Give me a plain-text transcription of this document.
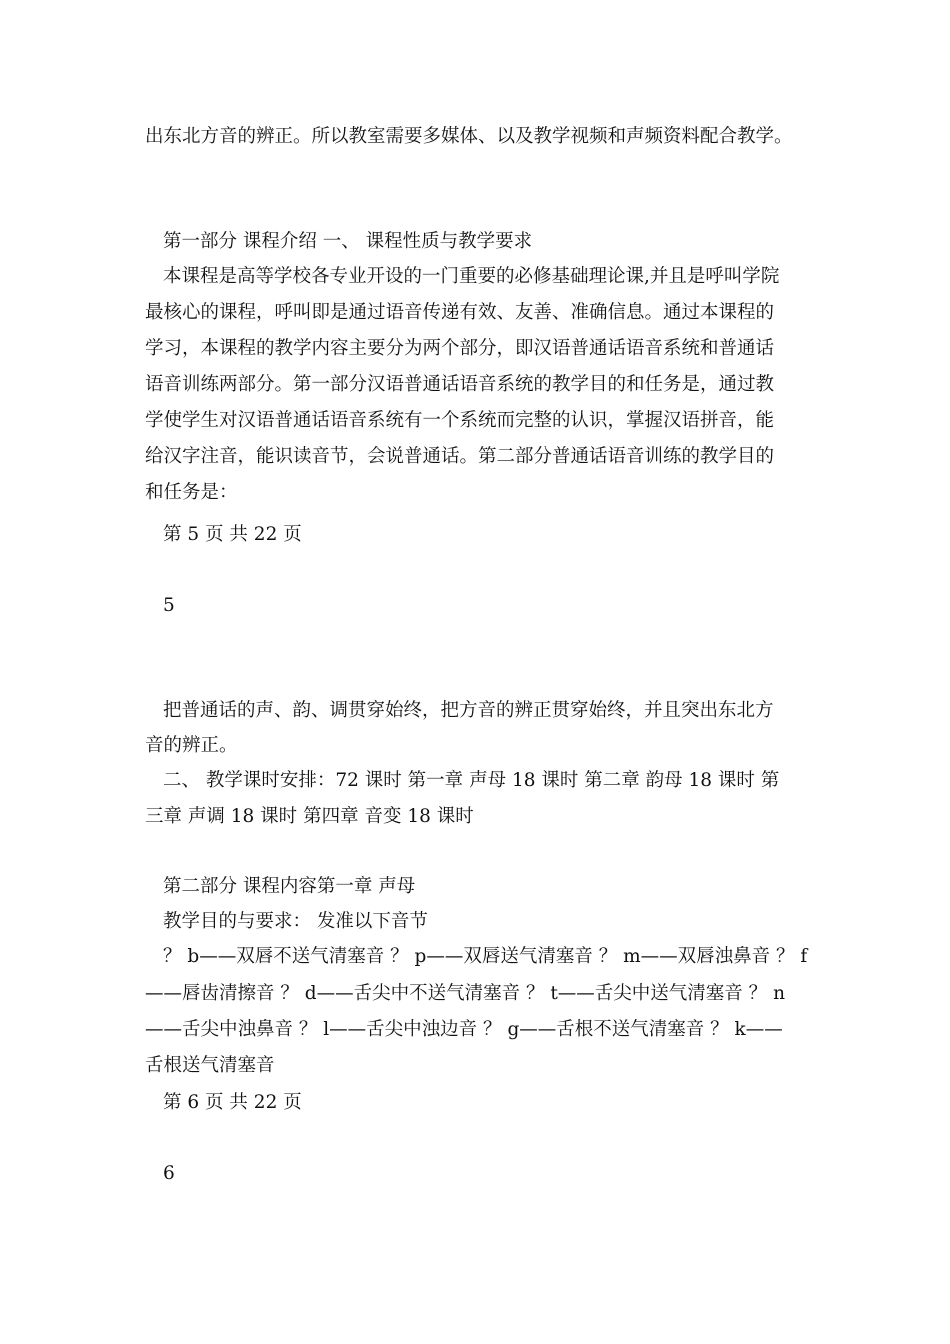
出东北方音的辨正。所以教室需要多媒体、以及教学视频和声频资料配合教学。
第一部分 课程介绍 一、 课程性质与教学要求
本课程是高等学校各专业开设的一门重要的必修基础理论课,并且是呼叫学院
最核心的课程，呼叫即是通过语音传递有效、友善、准确信息。通过本课程的
学习，本课程的教学内容主要分为两个部分，即汉语普通话语音系统和普通话
语音训练两部分。第一部分汉语普通话语音系统的教学目的和任务是，通过教
学使学生对汉语普通话语音系统有一个系统而完整的认识，掌握汉语拼音，能
给汉字注音，能识读音节，会说普通话。第二部分普通话语音训练的教学目的
和任务是：
第 5 页 共 22 页
5
把普通话的声、韵、调贯穿始终，把方音的辨正贯穿始终，并且突出东北方
音的辨正。
二、 教学课时安排：72 课时 第一章 声母 18 课时 第二章 韵母 18 课时 第
三章 声调 18 课时 第四章 音变 18 课时
第二部分 课程内容第一章 声母
教学目的与要求： 发准以下音节
？ b——双唇不送气清塞音 ？ p——双唇送气清塞音 ？ m——双唇浊鼻音 ？ f
——唇齿清擦音 ？ d——舌尖中不送气清塞音 ？ t——舌尖中送气清塞音 ？ n
——舌尖中浊鼻音 ？ l——舌尖中浊边音 ？ g——舌根不送气清塞音 ？ k——
舌根送气清塞音
第 6 页 共 22 页
6
